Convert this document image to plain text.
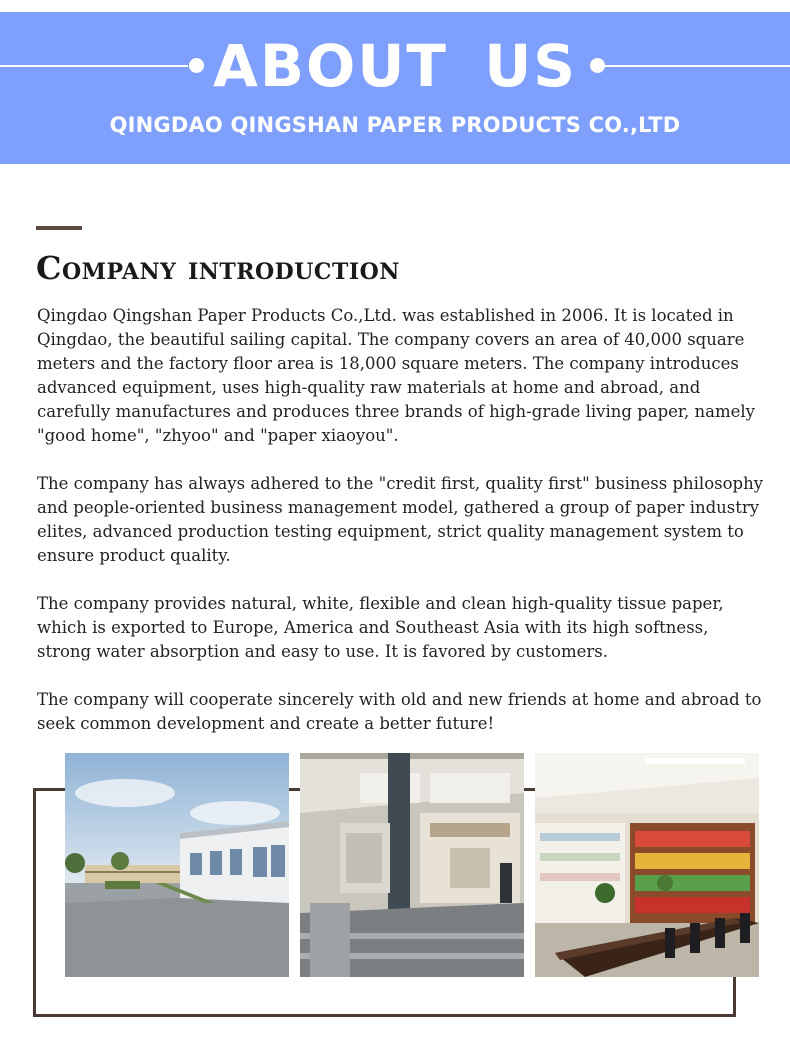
ABOUT US
QINGDAO QINGSHAN PAPER PRODUCTS CO.,LTD
Company introduction

Qingdao Qingshan Paper Products Co.,Ltd. was established in 2006. It is located in Qingdao, the beautiful sailing capital. The company covers an area of 40,000 square meters and the factory floor area is 18,000 square meters. The company introduces advanced equipment, uses high-quality raw materials at home and abroad, and carefully manufactures and produces three brands of high-grade living paper, namely "good home", "zhyoo" and "paper xiaoyou".

The company has always adhered to the "credit first, quality first" business philosophy and people-oriented business management model, gathered a group of paper industry elites, advanced production testing equipment, strict quality management system to ensure product quality.

The company provides natural, white, flexible and clean high-quality tissue paper, which is exported to Europe, America and Southeast Asia with its high softness, strong water absorption and easy to use. It is favored by customers.

The company will cooperate sincerely with old and new friends at home and abroad to seek common development and create a better future!
